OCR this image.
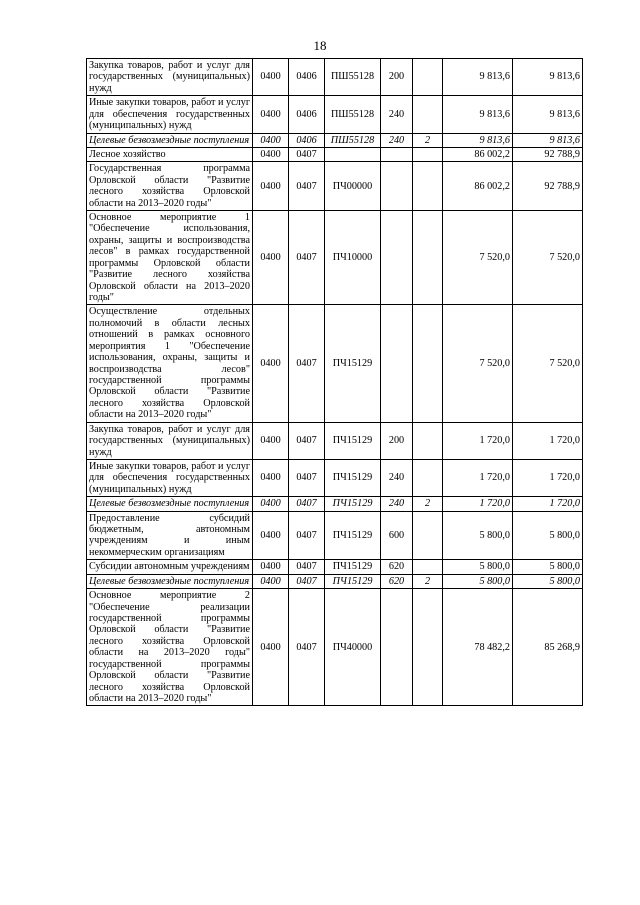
18
Закупка товаров, работ и услуг для государственных (муниципальных) нужд	0400	0406	ПШ55128	200		9 813,6	9 813,6
Иные закупки товаров, работ и услуг для обеспечения государственных (муниципальных) нужд	0400	0406	ПШ55128	240		9 813,6	9 813,6
Целевые безвозмездные поступления	0400	0406	ПШ55128	240	2	9 813,6	9 813,6
Лесное хозяйство	0400	0407				86 002,2	92 788,9
Государственная программа Орловской области "Развитие лесного хозяйства Орловской области на 2013–2020 годы"	0400	0407	ПЧ00000			86 002,2	92 788,9
Основное мероприятие 1 "Обеспечение использования, охраны, защиты и воспроизводства лесов" в рамках государственной программы Орловской области "Развитие лесного хозяйства Орловской области на 2013–2020 годы"	0400	0407	ПЧ10000			7 520,0	7 520,0
Осуществление отдельных полномочий в области лесных отношений в рамках основного мероприятия 1 "Обеспечение использования, охраны, защиты и воспроизводства лесов" государственной программы Орловской области "Развитие лесного хозяйства Орловской области на 2013–2020 годы"	0400	0407	ПЧ15129			7 520,0	7 520,0
Закупка товаров, работ и услуг для государственных (муниципальных) нужд	0400	0407	ПЧ15129	200		1 720,0	1 720,0
Иные закупки товаров, работ и услуг для обеспечения государственных (муниципальных) нужд	0400	0407	ПЧ15129	240		1 720,0	1 720,0
Целевые безвозмездные поступления	0400	0407	ПЧ15129	240	2	1 720,0	1 720,0
Предоставление субсидий бюджетным, автономным учреждениям и иным некоммерческим организациям	0400	0407	ПЧ15129	600		5 800,0	5 800,0
Субсидии автономным учреждениям	0400	0407	ПЧ15129	620		5 800,0	5 800,0
Целевые безвозмездные поступления	0400	0407	ПЧ15129	620	2	5 800,0	5 800,0
Основное мероприятие 2 "Обеспечение реализации государственной программы Орловской области "Развитие лесного хозяйства Орловской области на 2013–2020 годы" государственной программы Орловской области "Развитие лесного хозяйства Орловской области на 2013–2020 годы"	0400	0407	ПЧ40000			78 482,2	85 268,9
